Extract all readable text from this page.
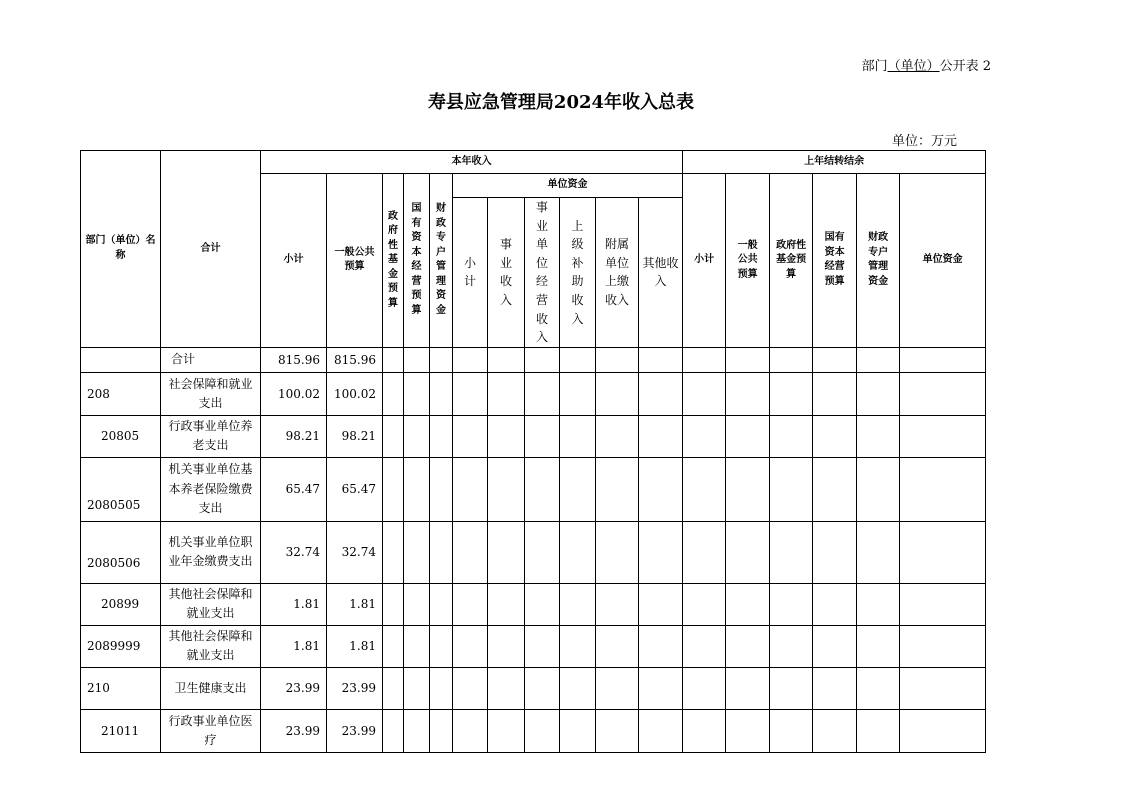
部门（单位）公开表 2
寿县应急管理局2024年收入总表
单位：万元
部门（单位）名称	合计	本年收入											上年结转结余					
		小计	一般公共预算	政府性基金预算	国有资本经营预算	财政专户管理资金	单位资金						小计	一般公共预算	政府性基金预算	国有资本经营预算	财政专户管理资金	单位资金
							小计	事业收入	事业单位经营收入	上级补助收入	附属单位上缴收入	其他收入						
	合计	815.96	815.96															
208	社会保障和就业支出	100.02	100.02															
20805	行政事业单位养老支出	98.21	98.21															
2080505	机关事业单位基本养老保险缴费支出	65.47	65.47															
2080506	机关事业单位职业年金缴费支出	32.74	32.74															
20899	其他社会保障和就业支出	1.81	1.81															
2089999	其他社会保障和就业支出	1.81	1.81															
210	卫生健康支出	23.99	23.99															
21011	行政事业单位医疗	23.99	23.99															
